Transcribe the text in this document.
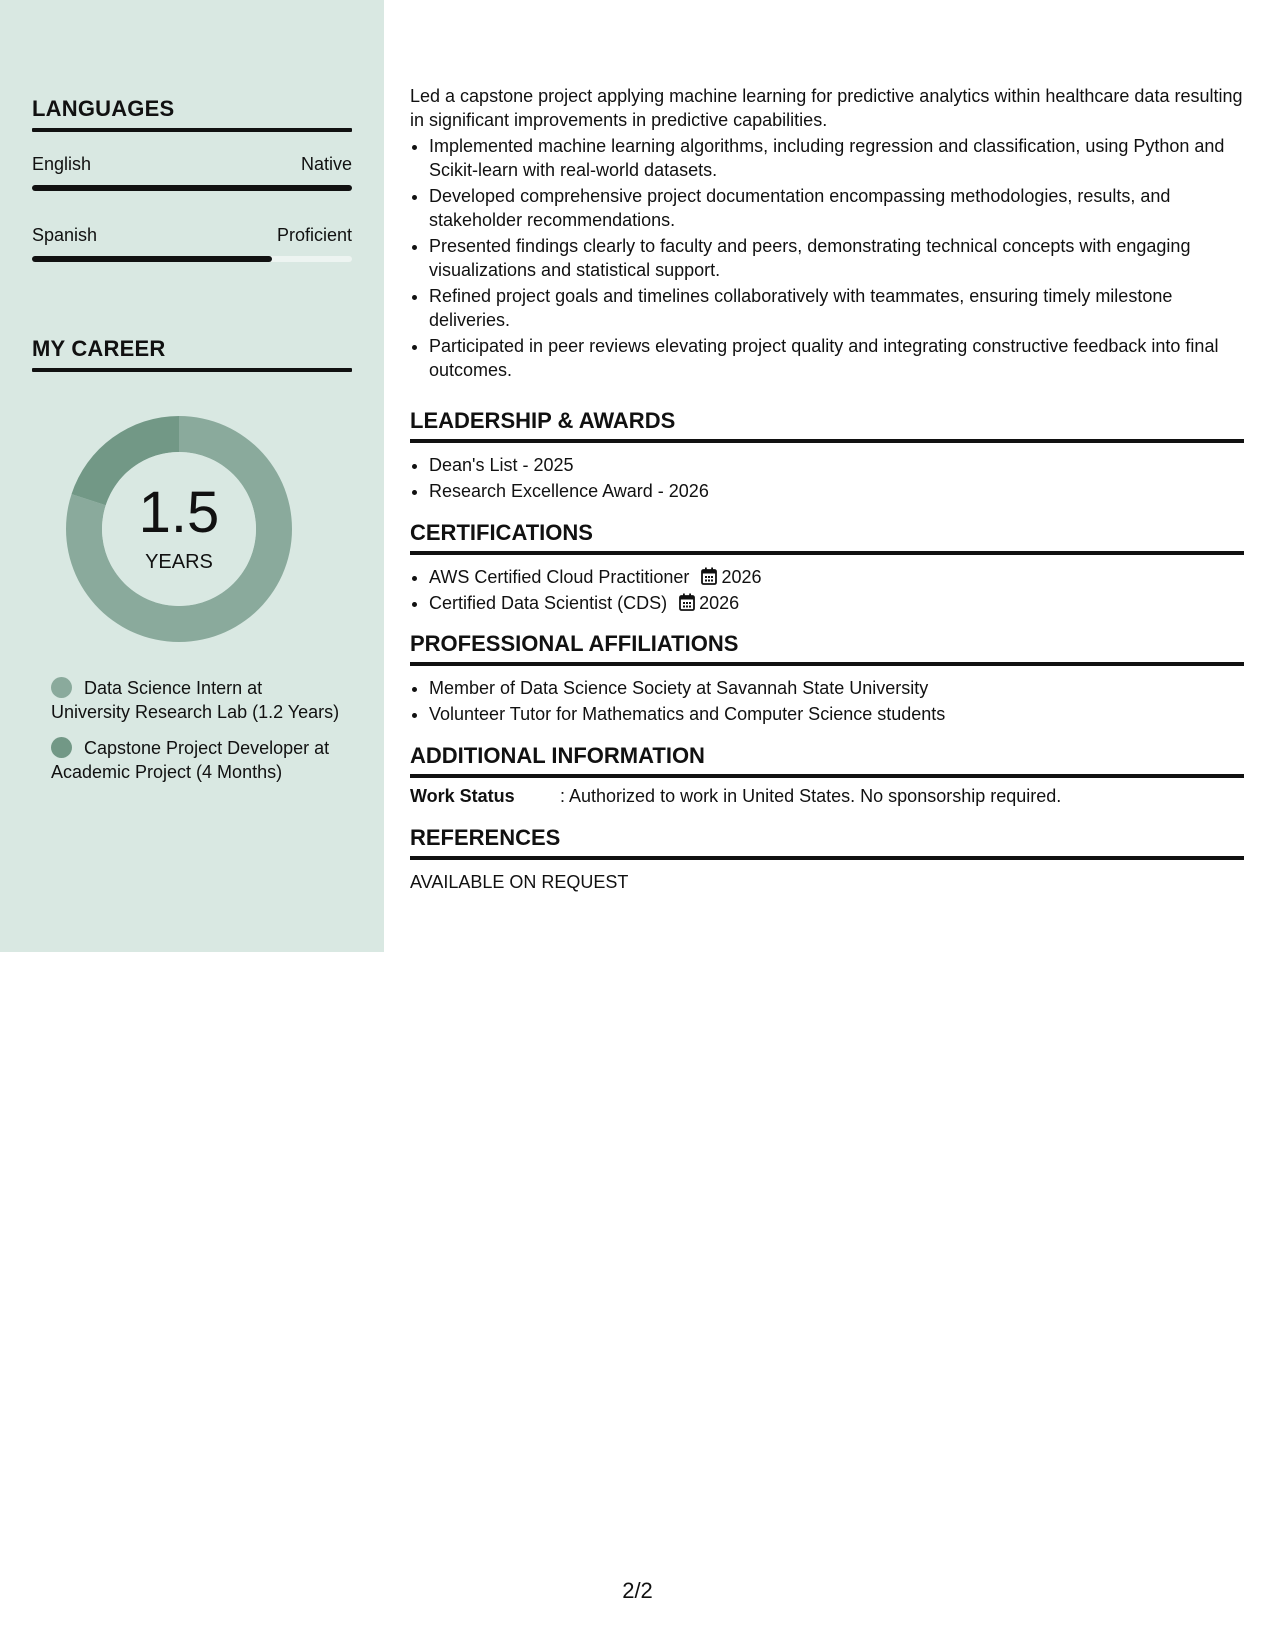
LANGUAGES
English	Native
Spanish	Proficient
MY CAREER
1.5
YEARS
Data Science Intern at University Research Lab (1.2 Years)
Capstone Project Developer at Academic Project (4 Months)

Led a capstone project applying machine learning for predictive analytics within healthcare data resulting in significant improvements in predictive capabilities.

• Implemented machine learning algorithms, including regression and classification, using Python and Scikit-learn with real-world datasets.
• Developed comprehensive project documentation encompassing methodologies, results, and stakeholder recommendations.
• Presented findings clearly to faculty and peers, demonstrating technical concepts with engaging visualizations and statistical support.
• Refined project goals and timelines collaboratively with teammates, ensuring timely milestone deliveries.
• Participated in peer reviews elevating project quality and integrating constructive feedback into final outcomes.
LEADERSHIP & AWARDS
• Dean's List - 2025
• Research Excellence Award - 2026
CERTIFICATIONS
• AWS Certified Cloud Practitioner 2026
• Certified Data Scientist (CDS) 2026
PROFESSIONAL AFFILIATIONS
• Member of Data Science Society at Savannah State University
• Volunteer Tutor for Mathematics and Computer Science students
ADDITIONAL INFORMATION
Work Status	: Authorized to work in United States. No sponsorship required.
REFERENCES
AVAILABLE ON REQUEST
2/2
